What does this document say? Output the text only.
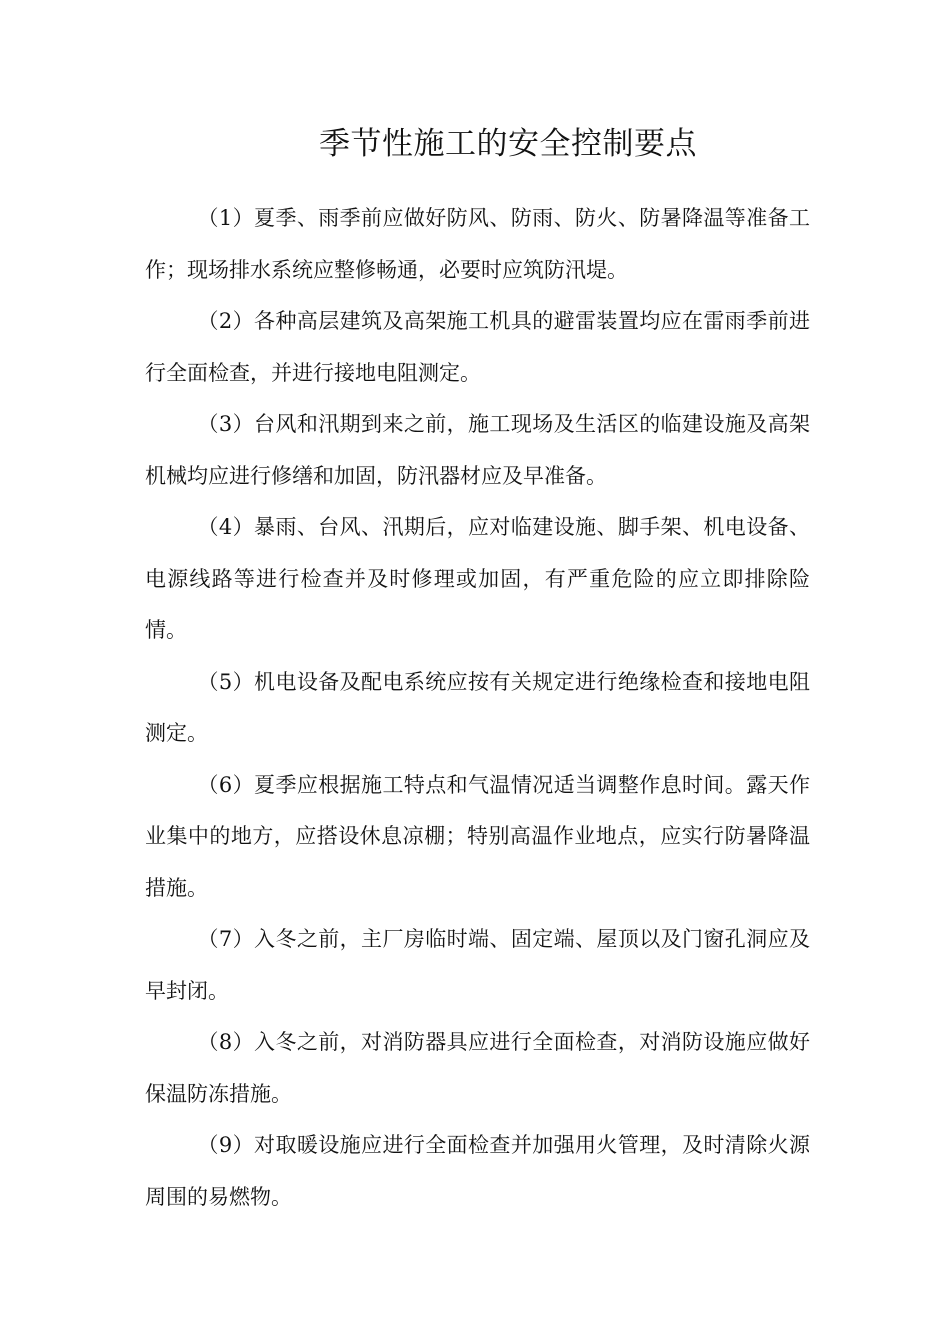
季节性施工的安全控制要点

（1）夏季、雨季前应做好防风、防雨、防火、防暑降温等准备工作；现场排水系统应整修畅通，必要时应筑防汛堤。

（2）各种高层建筑及高架施工机具的避雷装置均应在雷雨季前进行全面检查，并进行接地电阻测定。

（3）台风和汛期到来之前，施工现场及生活区的临建设施及高架机械均应进行修缮和加固，防汛器材应及早准备。

（4）暴雨、台风、汛期后，应对临建设施、脚手架、机电设备、电源线路等进行检查并及时修理或加固，有严重危险的应立即排除险情。

（5）机电设备及配电系统应按有关规定进行绝缘检查和接地电阻测定。

（6）夏季应根据施工特点和气温情况适当调整作息时间。露天作业集中的地方，应搭设休息凉棚；特别高温作业地点，应实行防暑降温措施。

（7）入冬之前，主厂房临时端、固定端、屋顶以及门窗孔洞应及早封闭。

（8）入冬之前，对消防器具应进行全面检查，对消防设施应做好保温防冻措施。

（9）对取暖设施应进行全面检查并加强用火管理，及时清除火源周围的易燃物。
